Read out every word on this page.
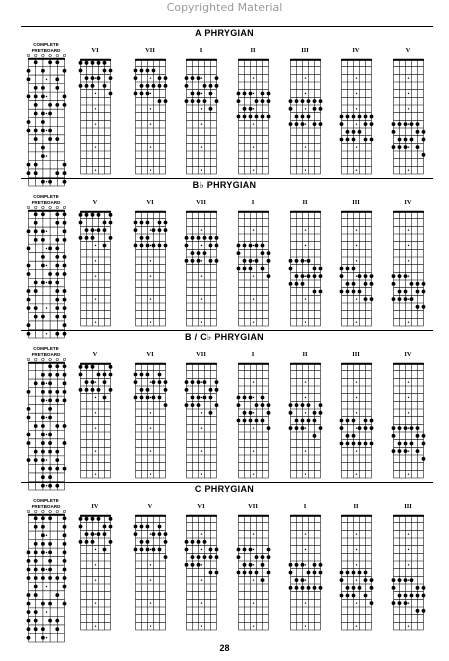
Copyrighted Material
A PHRYGIAN
COMPLETE
FRETBOARD	VI	VII	I	II	III	IV	V
B♭ PHRYGIAN
COMPLETE
FRETBOARD	V	VI	VII	I	II	III	IV
B / C♭ PHRYGIAN
COMPLETE
FRETBOARD	V	VI	VII	I	II	III	IV
C PHRYGIAN
COMPLETE
FRETBOARD	IV	V	VI	VII	I	II	III
28
